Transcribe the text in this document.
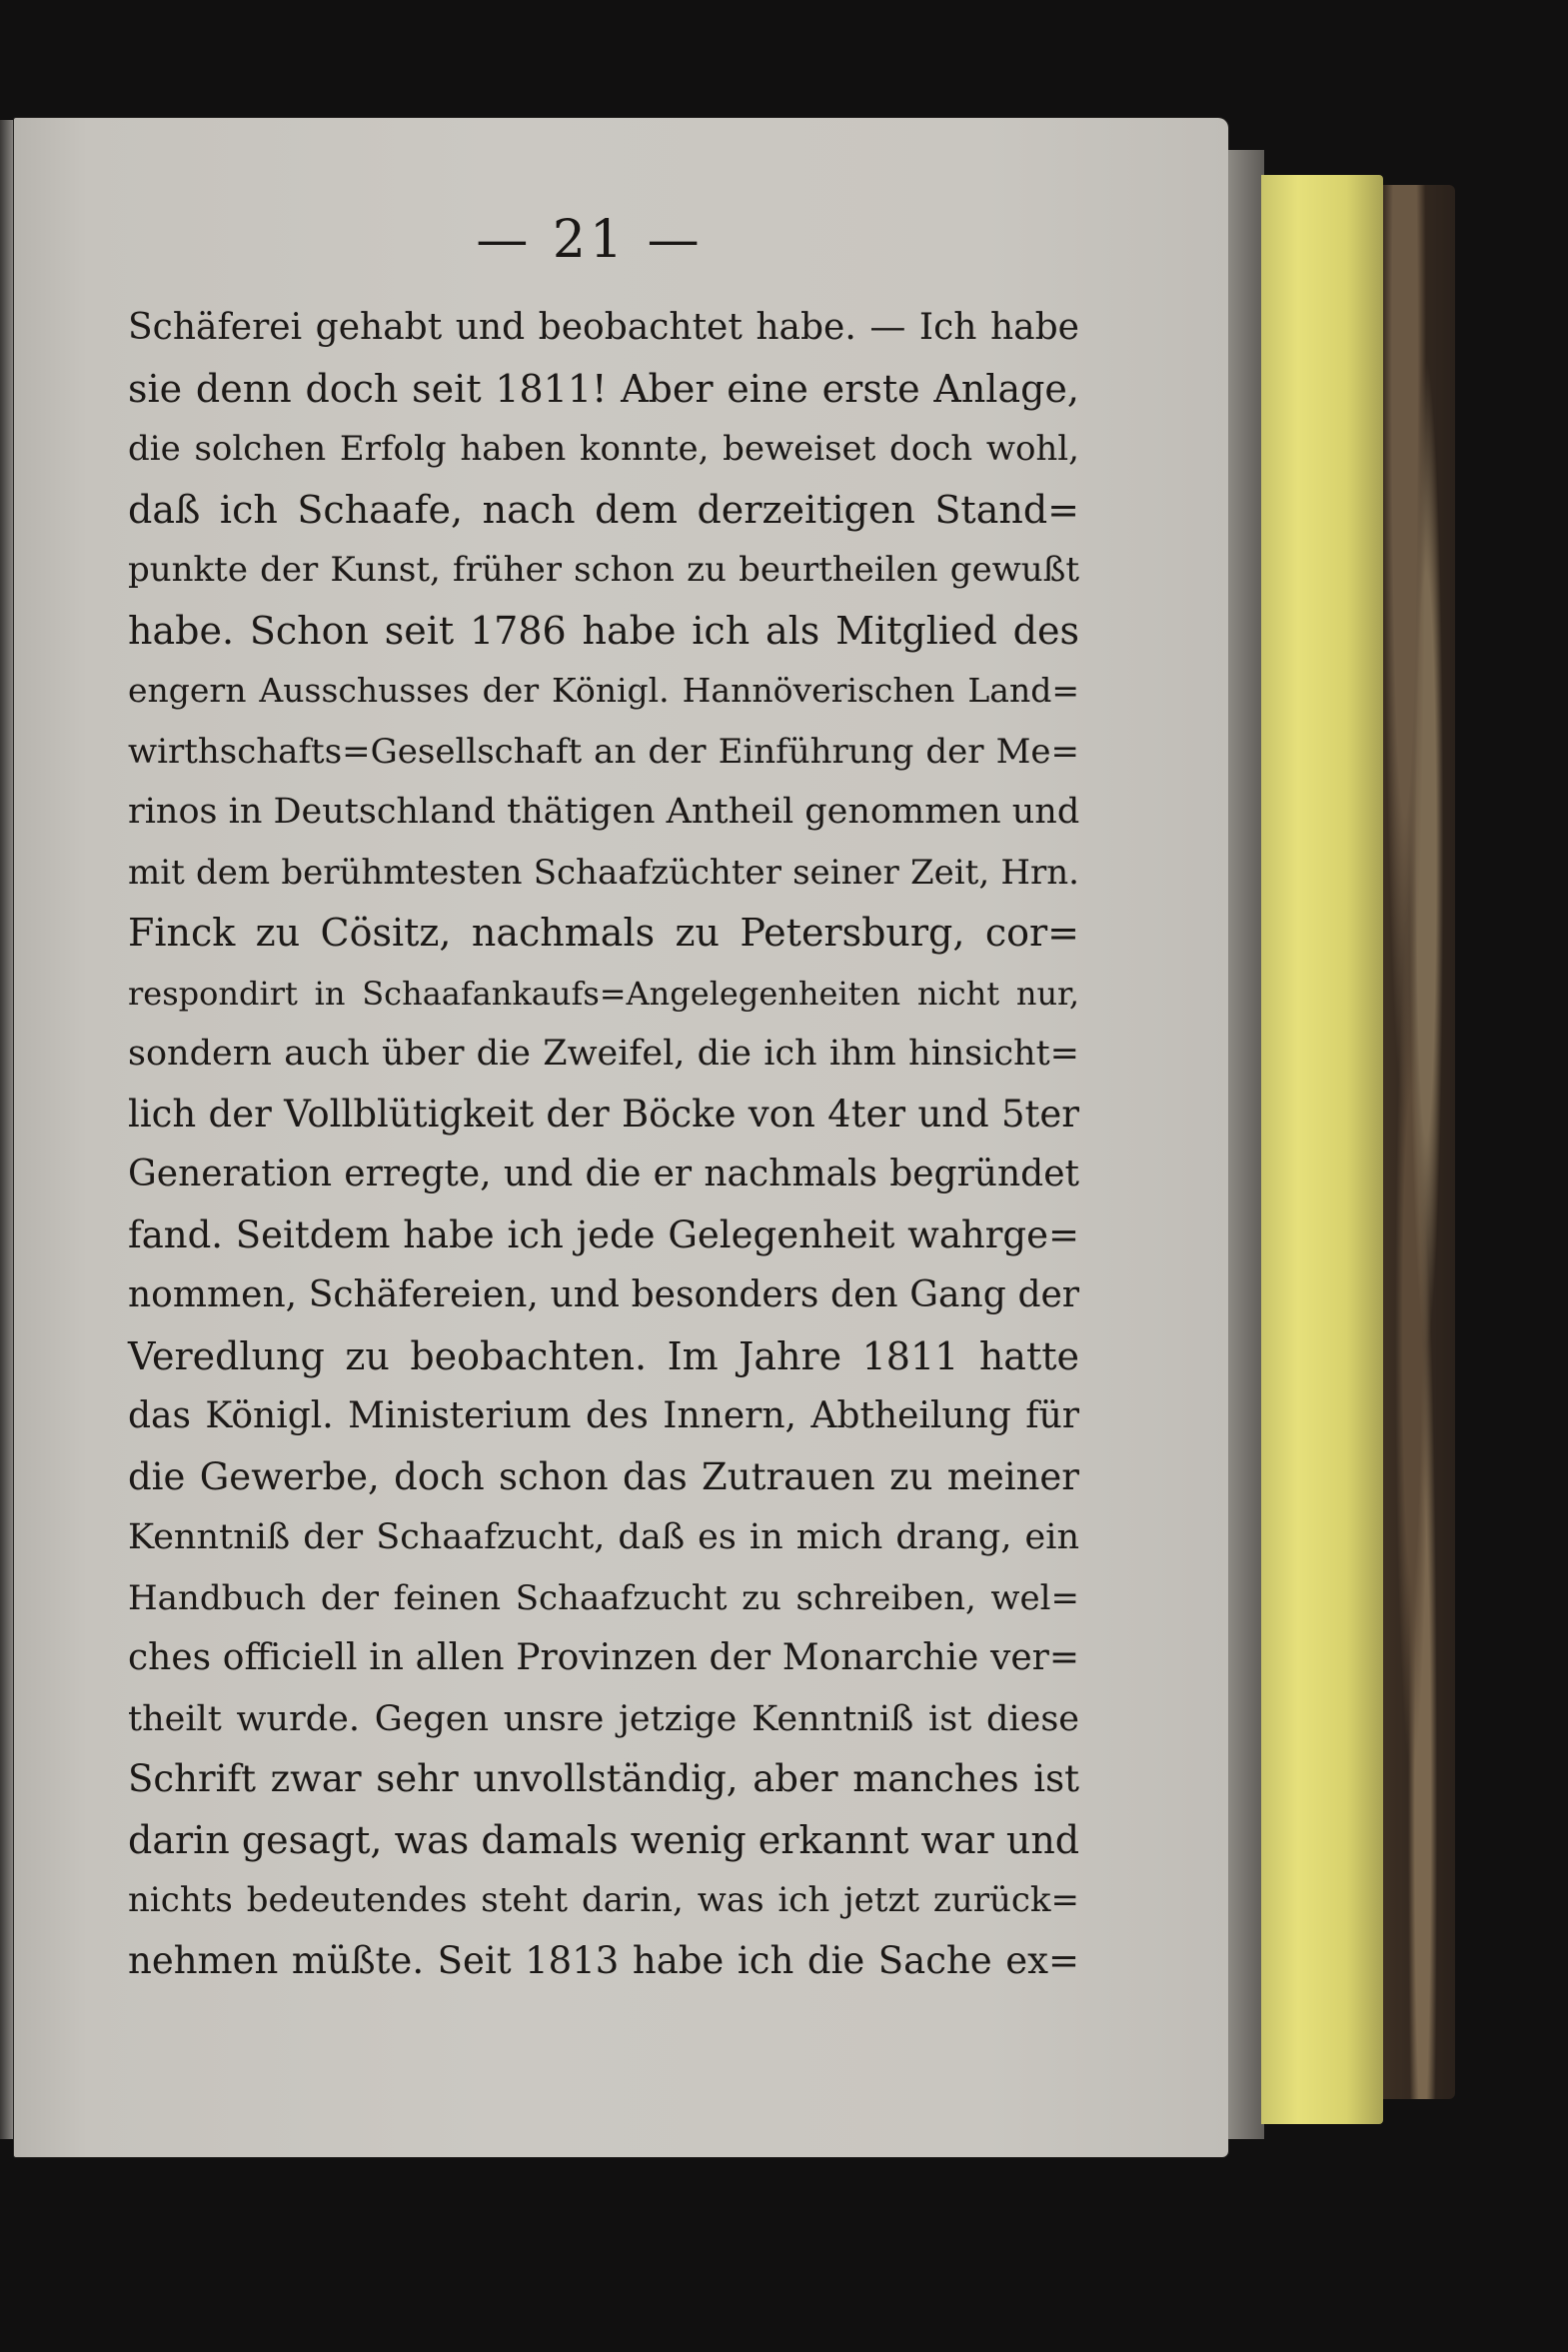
— 21 —
Schäferei gehabt und beobachtet habe. — Ich habe
sie denn doch seit 1811! Aber eine erste Anlage,
die solchen Erfolg haben konnte, beweiset doch wohl,
daß ich Schaafe, nach dem derzeitigen Stand=
punkte der Kunst, früher schon zu beurtheilen gewußt
habe. Schon seit 1786 habe ich als Mitglied des
engern Ausschusses der Königl. Hannöverischen Land=
wirthschafts=Gesellschaft an der Einführung der Me=
rinos in Deutschland thätigen Antheil genommen und
mit dem berühmtesten Schaafzüchter seiner Zeit, Hrn.
Finck zu Cösitz, nachmals zu Petersburg, cor=
respondirt in Schaafankaufs=Angelegenheiten nicht nur,
sondern auch über die Zweifel, die ich ihm hinsicht=
lich der Vollblütigkeit der Böcke von 4ter und 5ter
Generation erregte, und die er nachmals begründet
fand. Seitdem habe ich jede Gelegenheit wahrge=
nommen, Schäfereien, und besonders den Gang der
Veredlung zu beobachten. Im Jahre 1811 hatte
das Königl. Ministerium des Innern, Abtheilung für
die Gewerbe, doch schon das Zutrauen zu meiner
Kenntniß der Schaafzucht, daß es in mich drang, ein
Handbuch der feinen Schaafzucht zu schreiben, wel=
ches officiell in allen Provinzen der Monarchie ver=
theilt wurde. Gegen unsre jetzige Kenntniß ist diese
Schrift zwar sehr unvollständig, aber manches ist
darin gesagt, was damals wenig erkannt war und
nichts bedeutendes steht darin, was ich jetzt zurück=
nehmen müßte. Seit 1813 habe ich die Sache ex=
